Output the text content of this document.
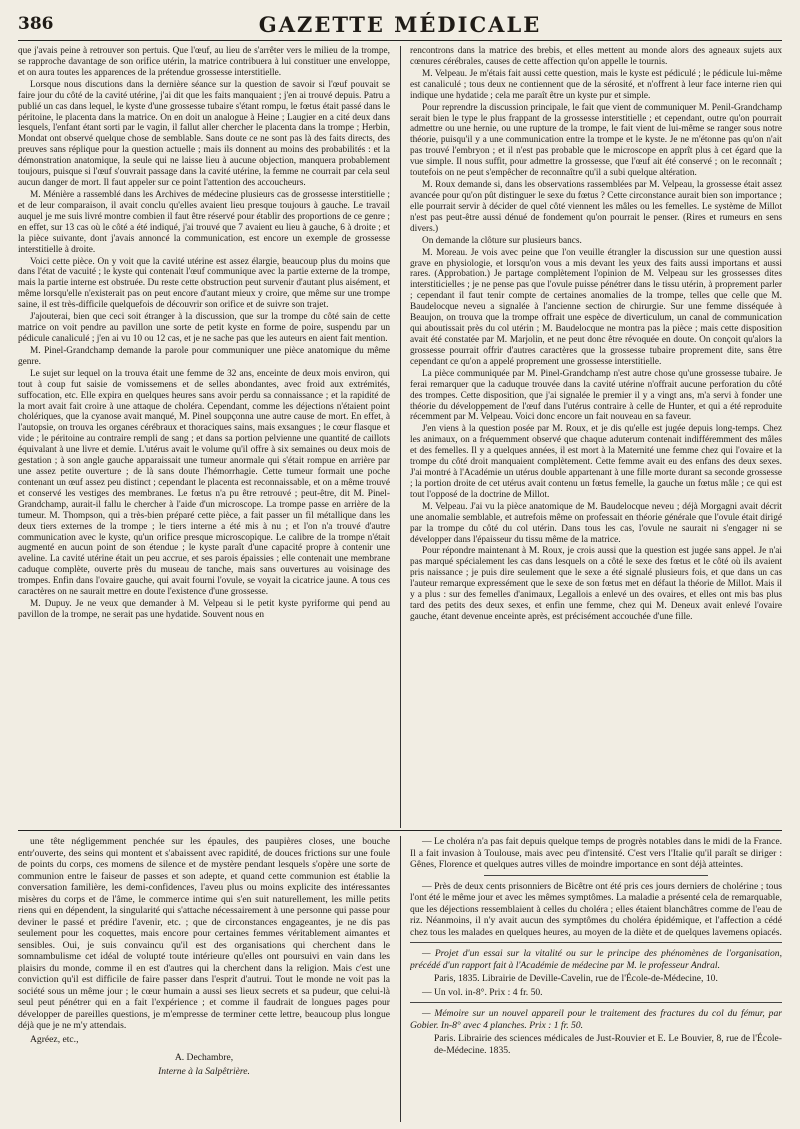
386	GAZETTE MÉDICALE

que j'avais peine à retrouver son pertuis. Que l'œuf, au lieu de s'arrêter vers le milieu de la trompe, se rapproche davantage de son orifice utérin, la matrice contribuera à lui constituer une enveloppe, et on aura toutes les apparences de la prétendue grossesse interstitielle.

Lorsque nous discutions dans la dernière séance sur la question de savoir si l'œuf pouvait se faire jour du côté de la cavité utérine, j'ai dit que les faits manquaient ; j'en ai trouvé depuis. Patru a publié un cas dans lequel, le kyste d'une grossesse tubaire s'étant rompu, le fœtus était passé dans le péritoine, le placenta dans la matrice. On en doit un analogue à Heine ; Laugier en a cité deux dans lesquels, l'enfant étant sorti par le vagin, il fallut aller chercher le placenta dans la trompe ; Herbin, Mondat ont observé quelque chose de semblable. Sans doute ce ne sont pas là des faits directs, des preuves sans réplique pour la question actuelle ; mais ils donnent au moins des probabilités : et la démonstration anatomique, la seule qui ne laisse lieu à aucune objection, manquera probablement toujours, puisque si l'œuf s'ouvrait passage dans la cavité utérine, la femme ne courrait par cela seul aucun danger de mort. Il faut appeler sur ce point l'attention des accoucheurs.

M. Ménière a rassemblé dans les Archives de médecine plusieurs cas de grossesse interstitielle ; et de leur comparaison, il avait conclu qu'elles avaient lieu presque toujours à gauche. Le travail auquel je me suis livré montre combien il faut être réservé pour établir des proportions de ce genre ; en effet, sur 13 cas où le côté a été indiqué, j'ai trouvé que 7 avaient eu lieu à gauche, 6 à droite ; et la pièce suivante, dont j'avais annoncé la communication, est encore un exemple de grossesse interstitielle à droite.

Voici cette pièce. On y voit que la cavité utérine est assez élargie, beaucoup plus du moins que dans l'état de vacuité ; le kyste qui contenait l'œuf communique avec la partie externe de la trompe, mais la partie interne est obstruée. Du reste cette obstruction peut survenir d'autant plus aisément, et même lorsqu'elle n'existerait pas on peut encore d'autant mieux y croire, que même sur une trompe saine, il est très-difficile quelquefois de découvrir son orifice et de suivre son trajet.

J'ajouterai, bien que ceci soit étranger à la discussion, que sur la trompe du côté sain de cette matrice on voit pendre au pavillon une sorte de petit kyste en forme de poire, suspendu par un pédicule canaliculé ; j'en ai vu 10 ou 12 cas, et je ne sache pas que les auteurs en aient fait mention.

M. Pinel-Grandchamp demande la parole pour communiquer une pièce anatomique du même genre.

Le sujet sur lequel on la trouva était une femme de 32 ans, enceinte de deux mois environ, qui tout à coup fut saisie de vomissemens et de selles abondantes, avec froid aux extrémités, suffocation, etc. Elle expira en quelques heures sans avoir perdu sa connaissance ; et la rapidité de la mort avait fait croire à une attaque de choléra. Cependant, comme les déjections n'étaient point cholériques, que la cyanose avait manqué, M. Pinel soupçonna une autre cause de mort. En effet, à l'autopsie, on trouva les organes cérébraux et thoraciques sains, mais exsangues ; le cœur flasque et vide ; le péritoine au contraire rempli de sang ; et dans sa portion pelvienne une quantité de caillots équivalant à une livre et demie. L'utérus avait le volume qu'il offre à six semaines ou deux mois de gestation ; à son angle gauche apparaissait une tumeur anormale qui s'était rompue en arrière par une assez petite ouverture ; de là sans doute l'hémorrhagie. Cette tumeur formait une poche contenant un œuf assez peu distinct ; cependant le placenta est reconnaissable, et on a même trouvé et conservé les vestiges des membranes. Le fœtus n'a pu être retrouvé ; peut-être, dit M. Pinel-Grandchamp, aurait-il fallu le chercher à l'aide d'un microscope. La trompe passe en arrière de la tumeur. M. Thompson, qui a très-bien préparé cette pièce, a fait passer un fil métallique dans les deux tiers externes de la trompe ; le tiers interne a été mis à nu ; et l'on n'a trouvé d'autre communication avec le kyste, qu'un orifice presque microscopique. Le calibre de la trompe n'était augmenté en aucun point de son étendue ; le kyste paraît d'une capacité propre à contenir une aveline. La cavité utérine était un peu accrue, et ses parois épaissies ; elle contenait une membrane caduque complète, ouverte près du museau de tanche, mais sans ouvertures au voisinage des trompes. Enfin dans l'ovaire gauche, qui avait fourni l'ovule, se voyait la cicatrice jaune. A tous ces caractères on ne saurait mettre en doute l'existence d'une grossesse.

M. Dupuy. Je ne veux que demander à M. Velpeau si le petit kyste pyriforme qui pend au pavillon de la trompe, ne serait pas une hydatide. Souvent nous en

rencontrons dans la matrice des brebis, et elles mettent au monde alors des agneaux sujets aux cœnures cérébrales, causes de cette affection qu'on appelle le tournis.

M. Velpeau. Je m'étais fait aussi cette question, mais le kyste est pédiculé ; le pédicule lui-même est canaliculé ; tous deux ne contiennent que de la sérosité, et n'offrent à leur face interne rien qui indique une hydatide ; cela me paraît être un kyste pur et simple.

Pour reprendre la discussion principale, le fait que vient de communiquer M. Penil-Grandchamp serait bien le type le plus frappant de la grossesse interstitielle ; et cependant, outre qu'on pourrait admettre ou une hernie, ou une rupture de la trompe, le fait vient de lui-même se ranger sous notre théorie, puisqu'il y a une communication entre la trompe et le kyste. Je ne m'étonne pas qu'on n'ait pas trouvé l'embryon ; et il n'est pas probable que le microscope en apprît plus à cet égard que la vue simple. Il nous suffit, pour admettre la grossesse, que l'œuf ait été conservé ; on le reconnaît ; toutefois on ne peut s'empêcher de reconnaître qu'il a subi quelque altération.

M. Roux demande si, dans les observations rassemblées par M. Velpeau, la grossesse était assez avancée pour qu'on pût distinguer le sexe du fœtus ? Cette circonstance aurait bien son importance ; elle pourrait servir à décider de quel côté viennent les mâles ou les femelles. Le système de Millot n'est pas peut-être aussi dénué de fondement qu'on pourrait le penser. (Rires et rumeurs en sens divers.)

On demande la clôture sur plusieurs bancs.

M. Moreau. Je vois avec peine que l'on veuille étrangler la discussion sur une question aussi grave en physiologie, et lorsqu'on vous a mis devant les yeux des faits aussi importans et aussi rares. (Approbation.) Je partage complètement l'opinion de M. Velpeau sur les grossesses dites interstiticielles ; je ne pense pas que l'ovule puisse pénétrer dans le tissu utérin, à proprement parler ; cependant il faut tenir compte de certaines anomalies de la trompe, telles que celle que M. Baudelocque neveu a signalée à l'ancienne section de chirurgie. Sur une femme disséquée à Beaujon, on trouva que la trompe offrait une espèce de diverticulum, un canal de communication qui aboutissait près du col utérin ; M. Baudelocque ne montra pas la pièce ; mais cette disposition avait été constatée par M. Marjolin, et ne peut donc être révoquée en doute. On conçoit qu'alors la grossesse pourrait offrir d'autres caractères que la grossesse tubaire proprement dite, sans être cependant ce qu'on a appelé proprement une grossesse interstitielle.

La pièce communiquée par M. Pinel-Grandchamp n'est autre chose qu'une grossesse tubaire. Je ferai remarquer que la caduque trouvée dans la cavité utérine n'offrait aucune perforation du côté des trompes. Cette disposition, que j'ai signalée le premier il y a vingt ans, m'a servi à fonder une théorie du développement de l'œuf dans l'utérus contraire à celle de Hunter, et qui a été reproduite récemment par M. Velpeau. Voici donc encore un fait nouveau en sa faveur.

J'en viens à la question posée par M. Roux, et je dis qu'elle est jugée depuis long-temps. Chez les animaux, on a fréquemment observé que chaque aduterum contenait indifféremment des mâles et des femelles. Il y a quelques années, il est mort à la Maternité une femme chez qui l'ovaire et la trompe du côté droit manquaient complètement. Cette femme avait eu des enfans des deux sexes. J'ai montré à l'Académie un utérus double appartenant à une fille morte durant sa seconde grossesse ; la portion droite de cet utérus avait contenu un fœtus femelle, la gauche un fœtus mâle ; ce qui est tout l'opposé de la doctrine de Millot.

M. Velpeau. J'ai vu la pièce anatomique de M. Baudelocque neveu ; déjà Morgagni avait décrit une anomalie semblable, et autrefois même on professait en théorie générale que l'ovule était dirigé par la trompe du côté du col utérin. Dans tous les cas, l'ovule ne saurait ni s'engager ni se développer dans l'épaisseur du tissu même de la matrice.

Pour répondre maintenant à M. Roux, je crois aussi que la question est jugée sans appel. Je n'ai pas marqué spécialement les cas dans lesquels on a côté le sexe des fœtus et le côté où ils avaient pris naissance ; je puis dire seulement que le sexe a été signalé plusieurs fois, et que dans un cas l'auteur remarque expressément que le sexe de son fœtus met en défaut la théorie de Millot. Mais il y a plus : sur des femelles d'animaux, Legallois a enlevé un des ovaires, et elles ont mis bas plus tard des petits des deux sexes, et enfin une femme, chez qui M. Deneux avait enlevé l'ovaire gauche, étant devenue enceinte après, est précisément accouchée d'une fille.

une tête négligemment penchée sur les épaules, des paupières closes, une bouche entr'ouverte, des seins qui montent et s'abaissent avec rapidité, de douces frictions sur une foule de points du corps, ces momens de silence et de mystère pendant lesquels s'opère une sorte de communion entre le faiseur de passes et son adepte, et quand cette communion est établie la conversation familière, les demi-confidences, l'aveu plus ou moins explicite des intéressantes misères du corps et de l'âme, le commerce intime qui s'en suit naturellement, les mille petits riens qui en dépendent, la singularité qui s'attache nécessairement à une personne qui passe pour deviner le passé et prédire l'avenir, etc. ; que de circonstances engageantes, je ne dis pas seulement pour les coquettes, mais encore pour certaines femmes véritablement aimantes et sensibles. Oui, je suis convaincu qu'il est des organisations qui cherchent dans le somnambulisme cet idéal de volupté toute intérieure qu'elles ont poursuivi en vain dans les plaisirs du monde, comme il en est d'autres qui la cherchent dans la religion. Mais c'est une conviction qu'il est difficile de faire passer dans l'esprit d'autrui. Tout le monde ne voit pas la société sous un même jour ; le cœur humain a aussi ses lieux secrets et sa pudeur, que celui-là seul peut pénétrer qui en a fait l'expérience ; et comme il faudrait de longues pages pour développer de pareilles questions, je m'empresse de terminer cette lettre, beaucoup plus longue déjà que je ne m'y attendais.

Agréez, etc.,

A. Dechambre,
Interne à la Salpêtrière.

— Le choléra n'a pas fait depuis quelque temps de progrès notables dans le midi de la France. Il a fait invasion à Toulouse, mais avec peu d'intensité. C'est vers l'Italie qu'il paraît se diriger : Gênes, Florence et quelques autres villes de moindre importance en sont déjà atteintes.

— Près de deux cents prisonniers de Bicêtre ont été pris ces jours derniers de cholérine ; tous l'ont été le même jour et avec les mêmes symptômes. La maladie a présenté cela de remarquable, que les déjections ressemblaient à celles du choléra ; elles étaient blanchâtres comme de l'eau de riz. Néanmoins, il n'y avait aucun des symptômes du choléra épidémique, et l'affection a cédé chez tous les malades en quelques heures, au moyen de la diète et de quelques lavemens opiacés.

— Projet d'un essai sur la vitalité ou sur le principe des phénomènes de l'organisation, précédé d'un rapport fait à l'Académie de médecine par M. le professeur Andral.

Paris, 1835. Librairie de Deville-Cavelin, rue de l'École-de-Médecine, 10.

— Un vol. in-8°. Prix : 4 fr. 50.

— Mémoire sur un nouvel appareil pour le traitement des fractures du col du fémur, par Gobier. In-8° avec 4 planches. Prix : 1 fr. 50.

Paris. Librairie des sciences médicales de Just-Rouvier et E. Le Bouvier, 8, rue de l'École-de-Médecine. 1835.
